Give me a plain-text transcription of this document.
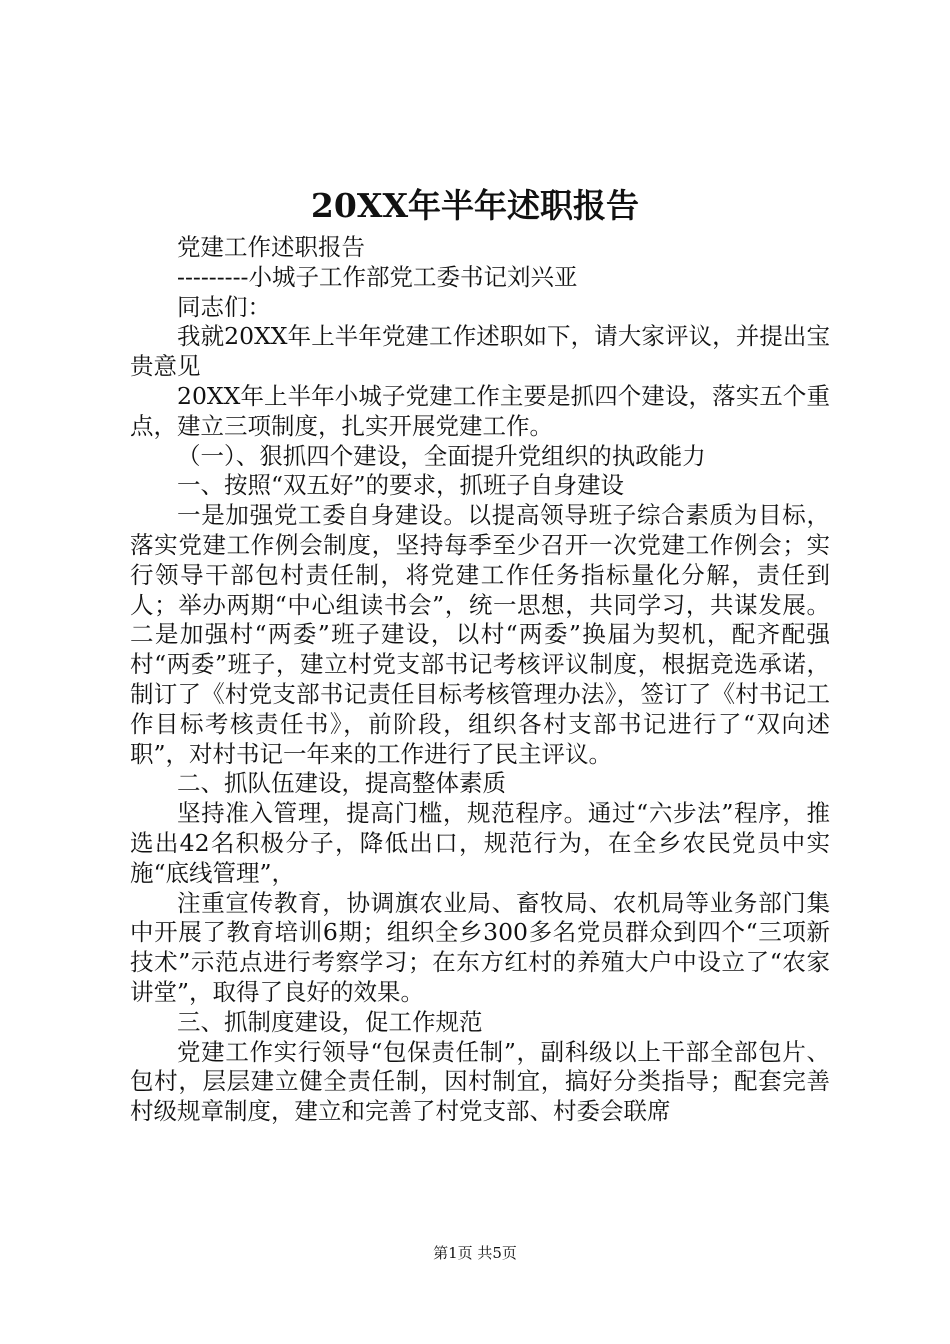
20XX年半年述职报告

党建工作述职报告

---------小城子工作部党工委书记刘兴亚

同志们：

我就20XX年上半年党建工作述职如下，请大家评议，并提出宝贵意见

20XX年上半年小城子党建工作主要是抓四个建设，落实五个重点，建立三项制度，扎实开展党建工作。

（一）、狠抓四个建设，全面提升党组织的执政能力

一、按照“双五好”的要求，抓班子自身建设

一是加强党工委自身建设。以提高领导班子综合素质为目标，落实党建工作例会制度，坚持每季至少召开一次党建工作例会；实行领导干部包村责任制，将党建工作任务指标量化分解，责任到人；举办两期“中心组读书会”，统一思想，共同学习，共谋发展。二是加强村“两委”班子建设，以村“两委”换届为契机，配齐配强村“两委”班子，建立村党支部书记考核评议制度，根据竞选承诺，制订了《村党支部书记责任目标考核管理办法》，签订了《村书记工作目标考核责任书》，前阶段，组织各村支部书记进行了“双向述职”，对村书记一年来的工作进行了民主评议。

二、抓队伍建设，提高整体素质

坚持准入管理，提高门槛，规范程序。通过“六步法”程序，推选出42名积极分子，降低出口，规范行为，在全乡农民党员中实施“底线管理”，

注重宣传教育，协调旗农业局、畜牧局、农机局等业务部门集中开展了教育培训6期；组织全乡300多名党员群众到四个“三项新技术”示范点进行考察学习；在东方红村的养殖大户中设立了“农家讲堂”，取得了良好的效果。

三、抓制度建设，促工作规范

党建工作实行领导“包保责任制”，副科级以上干部全部包片、包村，层层建立健全责任制，因村制宜，搞好分类指导；配套完善村级规章制度，建立和完善了村党支部、村委会联席

第1页 共5页
